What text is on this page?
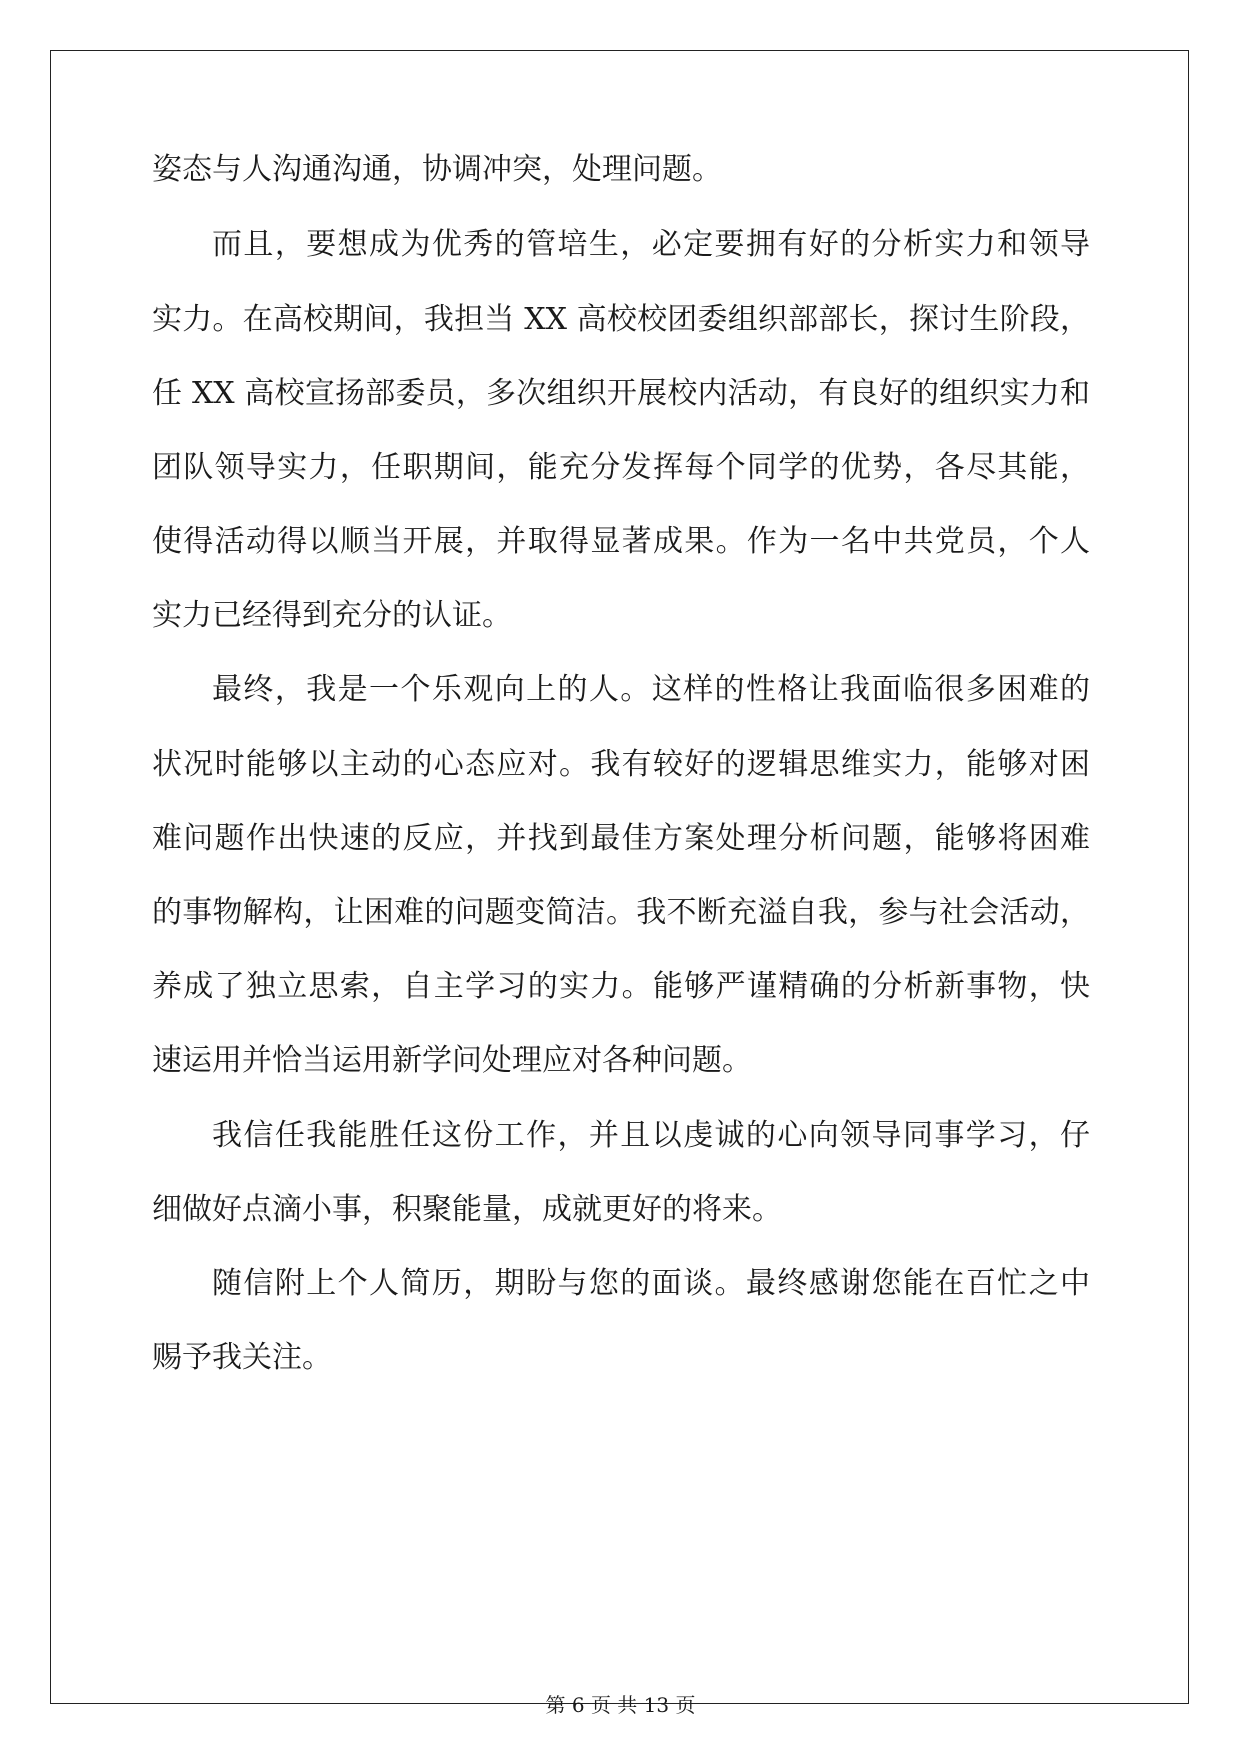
姿态与人沟通沟通，协调冲突，处理问题。
而且，要想成为优秀的管培生，必定要拥有好的分析实力和领导
实力。在高校期间，我担当 XX 高校校团委组织部部长，探讨生阶段，
任 XX 高校宣扬部委员，多次组织开展校内活动，有良好的组织实力和
团队领导实力，任职期间，能充分发挥每个同学的优势，各尽其能，
使得活动得以顺当开展，并取得显著成果。作为一名中共党员，个人
实力已经得到充分的认证。
最终，我是一个乐观向上的人。这样的性格让我面临很多困难的
状况时能够以主动的心态应对。我有较好的逻辑思维实力，能够对困
难问题作出快速的反应，并找到最佳方案处理分析问题，能够将困难
的事物解构，让困难的问题变简洁。我不断充溢自我，参与社会活动，
养成了独立思索，自主学习的实力。能够严谨精确的分析新事物，快
速运用并恰当运用新学问处理应对各种问题。
我信任我能胜任这份工作，并且以虔诚的心向领导同事学习，仔
细做好点滴小事，积聚能量，成就更好的将来。
随信附上个人简历，期盼与您的面谈。最终感谢您能在百忙之中
赐予我关注。
第 6 页 共 13 页
